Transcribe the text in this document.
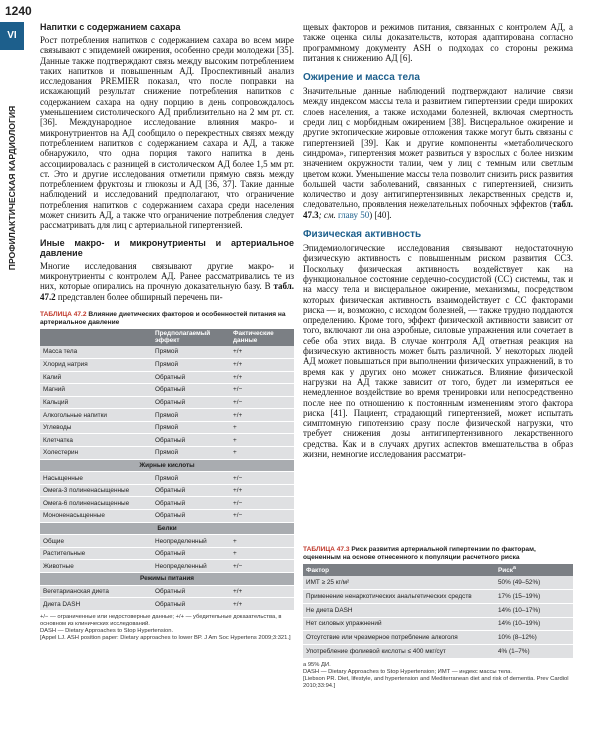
1240
VI
ПРОФИЛАКТИЧЕСКАЯ КАРДИОЛОГИЯ
Напитки с содержанием сахара

Рост потребления напитков с содержанием сахара во всем мире связывают с эпидемией ожирения, особенно среди молодежи [35]. Данные также подтверждают связь между высоким потреблением таких напитков и повышенным АД. Проспективный анализ исследования PREMIER показал, что после поправки на искажающий результат снижение потребления напитков с содержанием сахара на одну порцию в день сопровождалось уменьшением систолического АД приблизительно на 2 мм рт. ст. [36]. Международное исследование влияния макро- и микронутриентов на АД сообщило о перекрестных связях между потреблением напитков с содержанием сахара и АД, а также обнаружило, что одна порция такого напитка в день ассоциировалась с разницей в систолическом АД более 1,5 мм рт. ст. Это и другие исследования отметили прямую связь между потреблением фруктозы и глюкозы и АД [36, 37]. Такие данные наблюдений и исследований предполагают, что ограничение потребления напитков с содержанием сахара среди населения может снизить АД, а также что ограничение потребления следует рассматривать для лиц с артериальной гипертензией.

Иные макро- и микронутриенты и артериальное давление

Многие исследования связывают другие макро- и микронутриенты с контролем АД. Ранее рассматривались те из них, которые опирались на прочную доказательную базу. В табл. 47.2 представлен более обширный перечень пи-

ТАБЛИЦА 47.2 Влияние диетических факторов и особенностей питания на артериальное давление
	Предполагаемый эффект	Фактические данные
Масса тела	Прямой	+/+
Хлорид натрия	Прямой	+/+
Калий	Обратный	+/+
Магний	Обратный	+/−
Кальций	Обратный	+/−
Алкогольные напитки	Прямой	+/+
Углеводы	Прямой	+
Клетчатка	Обратный	+
Холестерин	Прямой	+
Жирные кислоты		
Насыщенные	Прямой	+/−
Омега-3 полиненасыщенные	Обратный	+/+
Омега-6 полиненасыщенные	Обратный	+/−
Мононенасыщенные	Обратный	+/−
Белки		
Общие	Неопределенный	+
Растительные	Обратный	+
Животные	Неопределенный	+/−
Режимы питания		
Вегетарианская диета	Обратный	+/+
Диета DASH	Обратный	+/+
+/− — ограниченные или недостоверные данные; +/+ — убедительные доказательства, в основном из клинических исследований.
DASH — Dietary Approaches to Stop Hypertension.
[Appel LJ. ASH position paper: Dietary approaches to lower BP. J Am Soc Hypertens 2009;3:321.]

щевых факторов и режимов питания, связанных с контролем АД, а также оценка силы доказательств, которая адаптирована согласно программному документу ASH о подходах со стороны режима питания к снижению АД [6].

Ожирение и масса тела

Значительные данные наблюдений подтверждают наличие связи между индексом массы тела и развитием гипертензии среди широких слоев населения, а также исходами болезней, включая смертность среди лиц с морбидным ожирением [38]. Висцеральное ожирение и другие эктопические жировые отложения также могут быть связаны с гипертензией [39]. Как и другие компоненты «метаболического синдрома», гипертензия может развиться у взрослых с более низким значением окружности талии, чем у лиц с темным или светлым цветом кожи. Уменьшение массы тела позволит снизить риск развития большей части заболеваний, связанных с гипертензией, снизить количество и дозу антигипертензивных лекарственных средств и, следовательно, проявления нежелательных побочных эффектов (табл. 47.3; см. главу 50) [40].

Физическая активность

Эпидемиологические исследования связывают недостаточную физическую активность с повышенным риском развития ССЗ. Поскольку физическая активность воздействует как на функциональное состояние сердечно-сосудистой (СС) системы, так и на массу тела и висцеральное ожирение, механизмы, посредством которых физическая активность взаимодействует с СС факторами риска — и, возможно, с исходом болезней, — также трудно поддаются определению. Кроме того, эффект физической активности зависит от того, включают ли она аэробные, силовые упражнения или сочетает в себе оба этих вида. В случае контроля АД ответная реакция на физическую активность может быть различной. У некоторых людей АД может повышаться при выполнении физических упражнений, в то время как у других оно может снижаться. Влияние физической нагрузки на АД также зависит от того, будет ли измеряться ее немедленное воздействие во время тренировки или непосредственно после нее по отношению к постоянным изменениям этого фактора риска [41]. Пациент, страдающий гипертензией, может испытать симптомную гипотензию сразу после физической нагрузки, что требует снижения дозы антигипертензивного лекарственного средства. Как и в случаях других аспектов вмешательства в образ жизни, немногие исследования рассматри-

ТАБЛИЦА 47.3 Риск развития артериальной гипертензии по факторам, оцененным на основе отнесенного к популяции расчетного риска
Фактор	Риск$^а$
ИМТ ≥ 25 кг/м²	50% (49–52%)
Применение ненаркотических анальгетических средств	17% (15–19%)
Не диета DASH	14% (10–17%)
Нет силовых упражнений	14% (10–19%)
Отсутствие или чрезмерное потребление алкоголя	10% (8–12%)
Употребление фолиевой кислоты ≤ 400 мкг/сут	4% (1–7%)
а 95% ДИ.
DASH — Dietary Approaches to Stop Hypertension; ИМТ — индекс массы тела.
[Liebson PR. Diet, lifestyle, and hypertension and Mediterranean diet and risk of dementia. Prev Cardiol 2010;33:94.]
